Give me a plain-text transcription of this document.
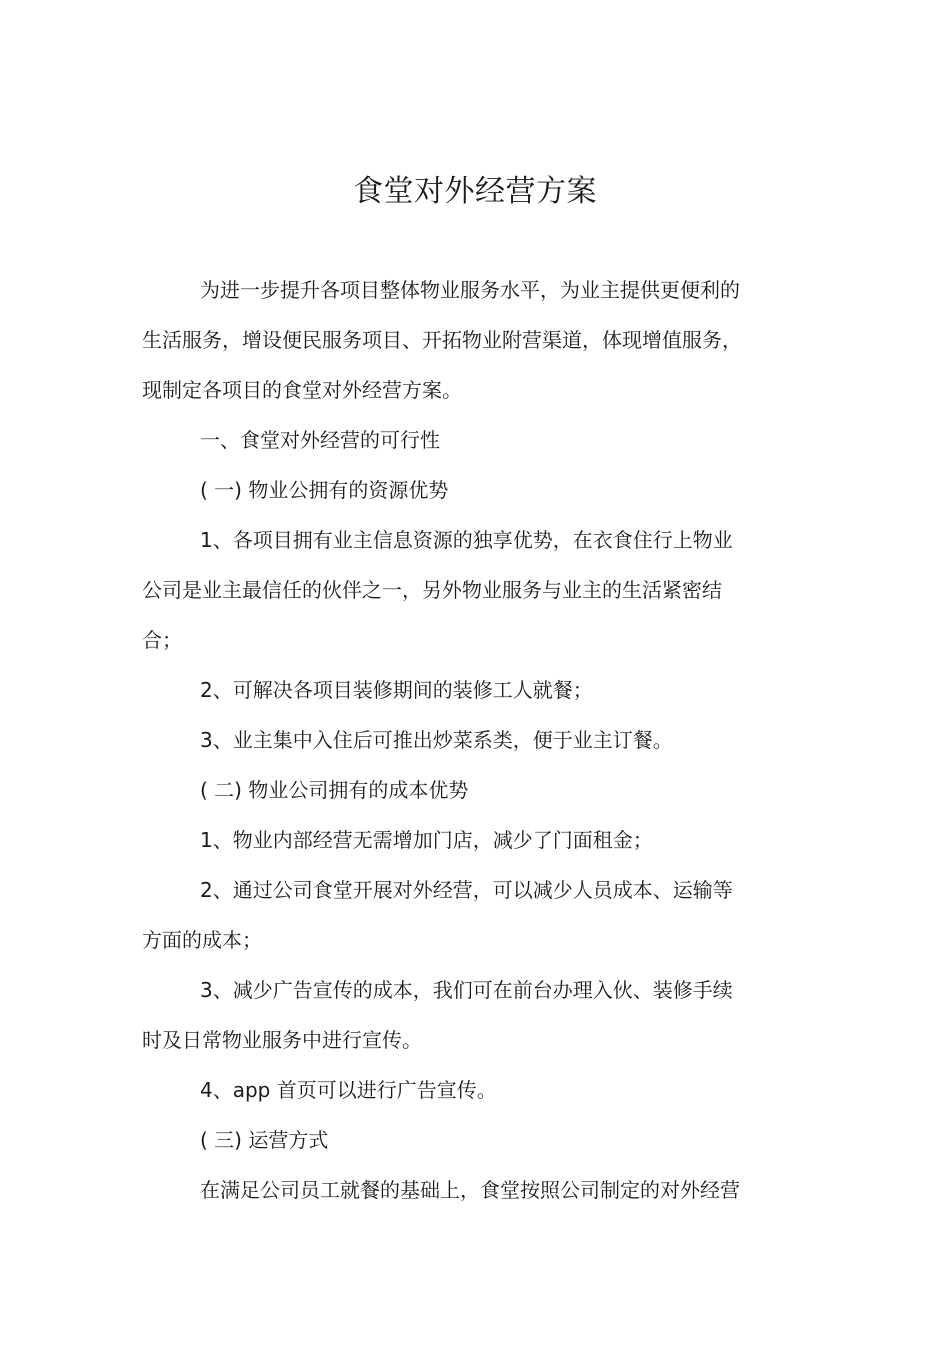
食堂对外经营方案
为进一步提升各项目整体物业服务水平，为业主提供更便利的
生活服务，增设便民服务项目、开拓物业附营渠道，体现增值服务，
现制定各项目的食堂对外经营方案。
一、食堂对外经营的可行性
( 一) 物业公拥有的资源优势
1、各项目拥有业主信息资源的独享优势，在衣食住行上物业
公司是业主最信任的伙伴之一，另外物业服务与业主的生活紧密结
合；
2、可解决各项目装修期间的装修工人就餐；
3、业主集中入住后可推出炒菜系类，便于业主订餐。
( 二) 物业公司拥有的成本优势
1、物业内部经营无需增加门店，减少了门面租金；
2、通过公司食堂开展对外经营，可以减少人员成本、运输等
方面的成本；
3、减少广告宣传的成本，我们可在前台办理入伙、装修手续
时及日常物业服务中进行宣传。
4、app 首页可以进行广告宣传。
( 三) 运营方式
在满足公司员工就餐的基础上，食堂按照公司制定的对外经营
